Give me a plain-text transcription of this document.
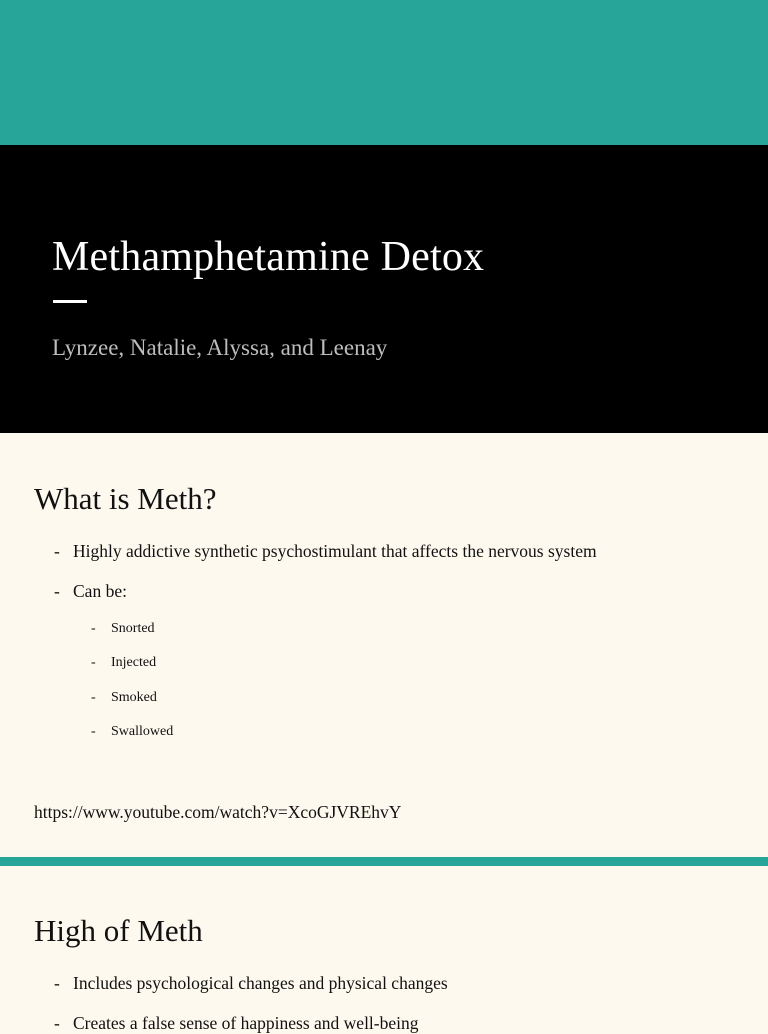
Methamphetamine Detox

Lynzee, Natalie, Alyssa, and Leenay

What is Meth?
- Highly addictive synthetic psychostimulant that affects the nervous system
- Can be:
- Snorted
- Injected
- Smoked
- Swallowed
https://www.youtube.com/watch?v=XcoGJVREhvY
High of Meth
- Includes psychological changes and physical changes
- Creates a false sense of happiness and well-being
